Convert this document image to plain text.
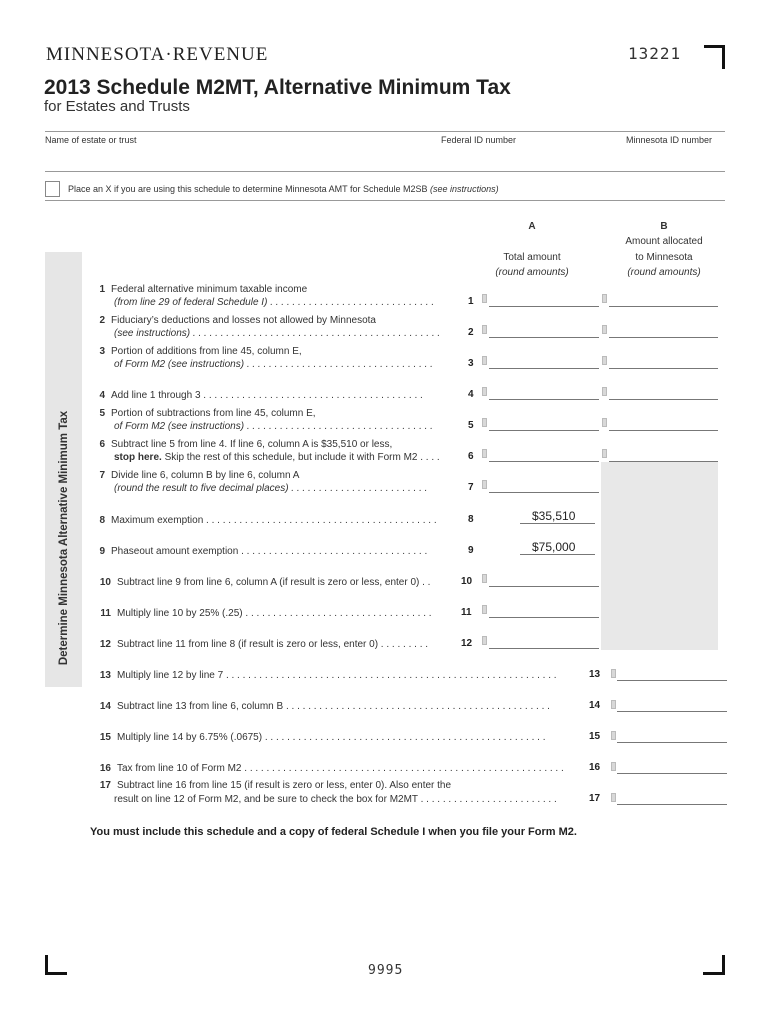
MINNESOTA·REVENUE	13221
2013 Schedule M2MT, Alternative Minimum Tax
for Estates and Trusts
Name of estate or trust	Federal ID number	Minnesota ID number
Place an X if you are using this schedule to determine Minnesota AMT for Schedule M2SB (see instructions)
A
Total amount
(round amounts)
B
Amount allocated
to Minnesota
(round amounts)
Determine Minnesota Alternative Minimum Tax
1 Federal alternative minimum taxable income
(from line 29 of federal Schedule I) . . . . . . . . . . . . . . . . . . . . . . . . . . . . . .	1
2 Fiduciary’s deductions and losses not allowed by Minnesota
(see instructions) . . . . . . . . . . . . . . . . . . . . . . . . . . . . . . . . . . . . . . . . . . . . .	2
3 Portion of additions from line 45, column E,
of Form M2 (see instructions) . . . . . . . . . . . . . . . . . . . . . . . . . . . . . . . . . .	3
4 Add line 1 through 3 . . . . . . . . . . . . . . . . . . . . . . . . . . . . . . . . . . . . . . . .	4
5 Portion of subtractions from line 45, column E,
of Form M2 (see instructions) . . . . . . . . . . . . . . . . . . . . . . . . . . . . . . . . . .	5
6 Subtract line 5 from line 4. If line 6, column A is $35,510 or less,
stop here. Skip the rest of this schedule, but include it with Form M2 . . . .	6
7 Divide line 6, column B by line 6, column A
(round the result to five decimal places) . . . . . . . . . . . . . . . . . . . . . . . . .	7
8 Maximum exemption . . . . . . . . . . . . . . . . . . . . . . . . . . . . . . . . . . . . . . . . . .	8	$35,510
9 Phaseout amount exemption . . . . . . . . . . . . . . . . . . . . . . . . . . . . . . . . . .	9	$75,000
10 Subtract line 9 from line 6, column A (if result is zero or less, enter 0) . .	10
11 Multiply line 10 by 25% (.25) . . . . . . . . . . . . . . . . . . . . . . . . . . . . . . . . . .	11
12 Subtract line 11 from line 8 (if result is zero or less, enter 0) . . . . . . . . .	12
13 Multiply line 12 by line 7 . . . . . . . . . . . . . . . . . . . . . . . . . . . . . . . . . . . . . . . . . . . . . . . . . . . . . . . . . . . .	13
14 Subtract line 13 from line 6, column B . . . . . . . . . . . . . . . . . . . . . . . . . . . . . . . . . . . . . . . . . . . . . . . .	14
15 Multiply line 14 by 6.75% (.0675) . . . . . . . . . . . . . . . . . . . . . . . . . . . . . . . . . . . . . . . . . . . . . . . . . . .	15
16 Tax from line 10 of Form M2 . . . . . . . . . . . . . . . . . . . . . . . . . . . . . . . . . . . . . . . . . . . . . . . . . . . . . . . . . .	16
17 Subtract line 16 from line 15 (if result is zero or less, enter 0). Also enter the
result on line 12 of Form M2, and be sure to check the box for M2MT . . . . . . . . . . . . . . . . . . . . . . . . .	17
You must include this schedule and a copy of federal Schedule I when you file your Form M2.
9995
